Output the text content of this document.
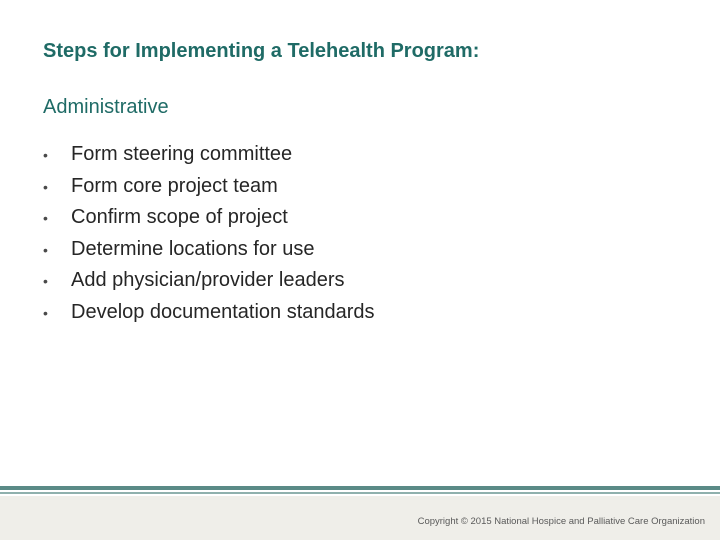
Steps for Implementing a Telehealth Program:
Administrative
•	Form steering committee
•	Form core project team
•	Confirm scope of project
•	Determine locations for use
•	Add physician/provider leaders
•	Develop documentation standards
Copyright © 2015 National Hospice and Palliative Care Organization
